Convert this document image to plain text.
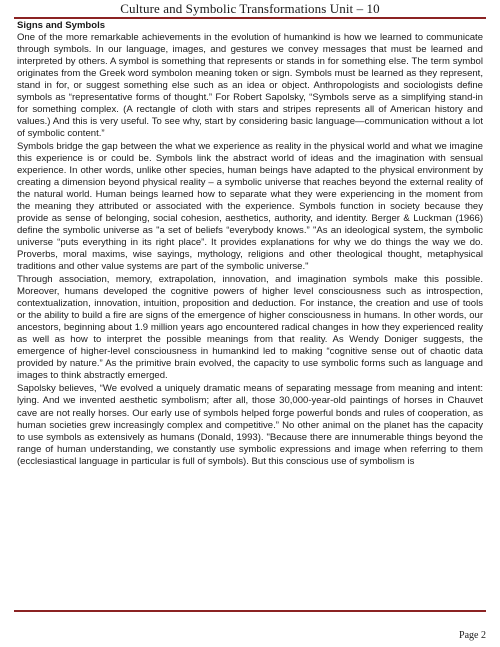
Culture and Symbolic Transformations Unit – 10
Signs and Symbols

One of the more remarkable achievements in the evolution of humankind is how we learned to communicate through symbols. In our language, images, and gestures we convey messages that must be learned and interpreted by others. A symbol is something that represents or stands in for something else. The term symbol originates from the Greek word symbolon meaning token or sign. Symbols must be learned as they represent, stand in for, or suggest something else such as an idea or object. Anthropologists and sociologists define symbols as “representative forms of thought.” For Robert Sapolsky, “Symbols serve as a simplifying stand-in for something complex. (A rectangle of cloth with stars and stripes represents all of American history and values.) And this is very useful. To see why, start by considering basic language—communication without a lot of symbolic content.”

Symbols bridge the gap between the what we experience as reality in the physical world and what we imagine this experience is or could be. Symbols link the abstract world of ideas and the imagination with sensual experience. In other words, unlike other species, human beings have adapted to the physical environment by creating a dimension beyond physical reality – a symbolic universe that reaches beyond the external reality of the natural world. Human beings learned how to separate what they were experiencing in the moment from the meaning they attributed or associated with the experience. Symbols function in society because they provide as sense of belonging, social cohesion, aesthetics, authority, and identity. Berger & Luckman (1966) define the symbolic universe as "a set of beliefs “everybody knows.” "As an ideological system, the symbolic universe “puts everything in its right place”. It provides explanations for why we do things the way we do. Proverbs, moral maxims, wise sayings, mythology, religions and other theological thought, metaphysical traditions and other value systems are part of the symbolic universe."

Through association, memory, extrapolation, innovation, and imagination symbols make this possible. Moreover, humans developed the cognitive powers of higher level consciousness such as introspection, contextualization, innovation, intuition, proposition and deduction. For instance, the creation and use of tools or the ability to build a fire are signs of the emergence of higher consciousness in humans. In other words, our ancestors, beginning about 1.9 million years ago encountered radical changes in how they experienced reality as well as how to interpret the possible meanings from that reality. As Wendy Doniger suggests, the emergence of higher-level consciousness in humankind led to making “cognitive sense out of chaotic data provided by nature.” As the primitive brain evolved, the capacity to use symbolic forms such as language and images to think abstractly emerged.

Sapolsky believes, “We evolved a uniquely dramatic means of separating message from meaning and intent: lying. And we invented aesthetic symbolism; after all, those 30,000-year-old paintings of horses in Chauvet cave are not really horses. Our early use of symbols helped forge powerful bonds and rules of cooperation, as human societies grew increasingly complex and competitive.” No other animal on the planet has the capacity to use symbols as extensively as humans (Donald, 1993). "Because there are innumerable things beyond the range of human understanding, we constantly use symbolic expressions and image when referring to them (ecclesiastical language in particular is full of symbols). But this conscious use of symbolism is

Page 2
